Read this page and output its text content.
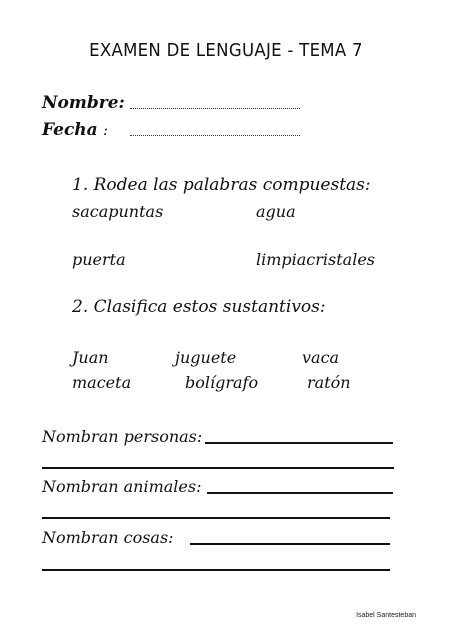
EXAMEN DE LENGUAJE - TEMA 7
Nombre:
Fecha :
1. Rodea las palabras compuestas:
sacapuntas	agua
puerta	limpiacristales
2. Clasifica estos sustantivos:
Juan	juguete	vaca
maceta	bolígrafo	ratón
Nombran personas:
Nombran animales:
Nombran cosas:
Isabel Santesteban
